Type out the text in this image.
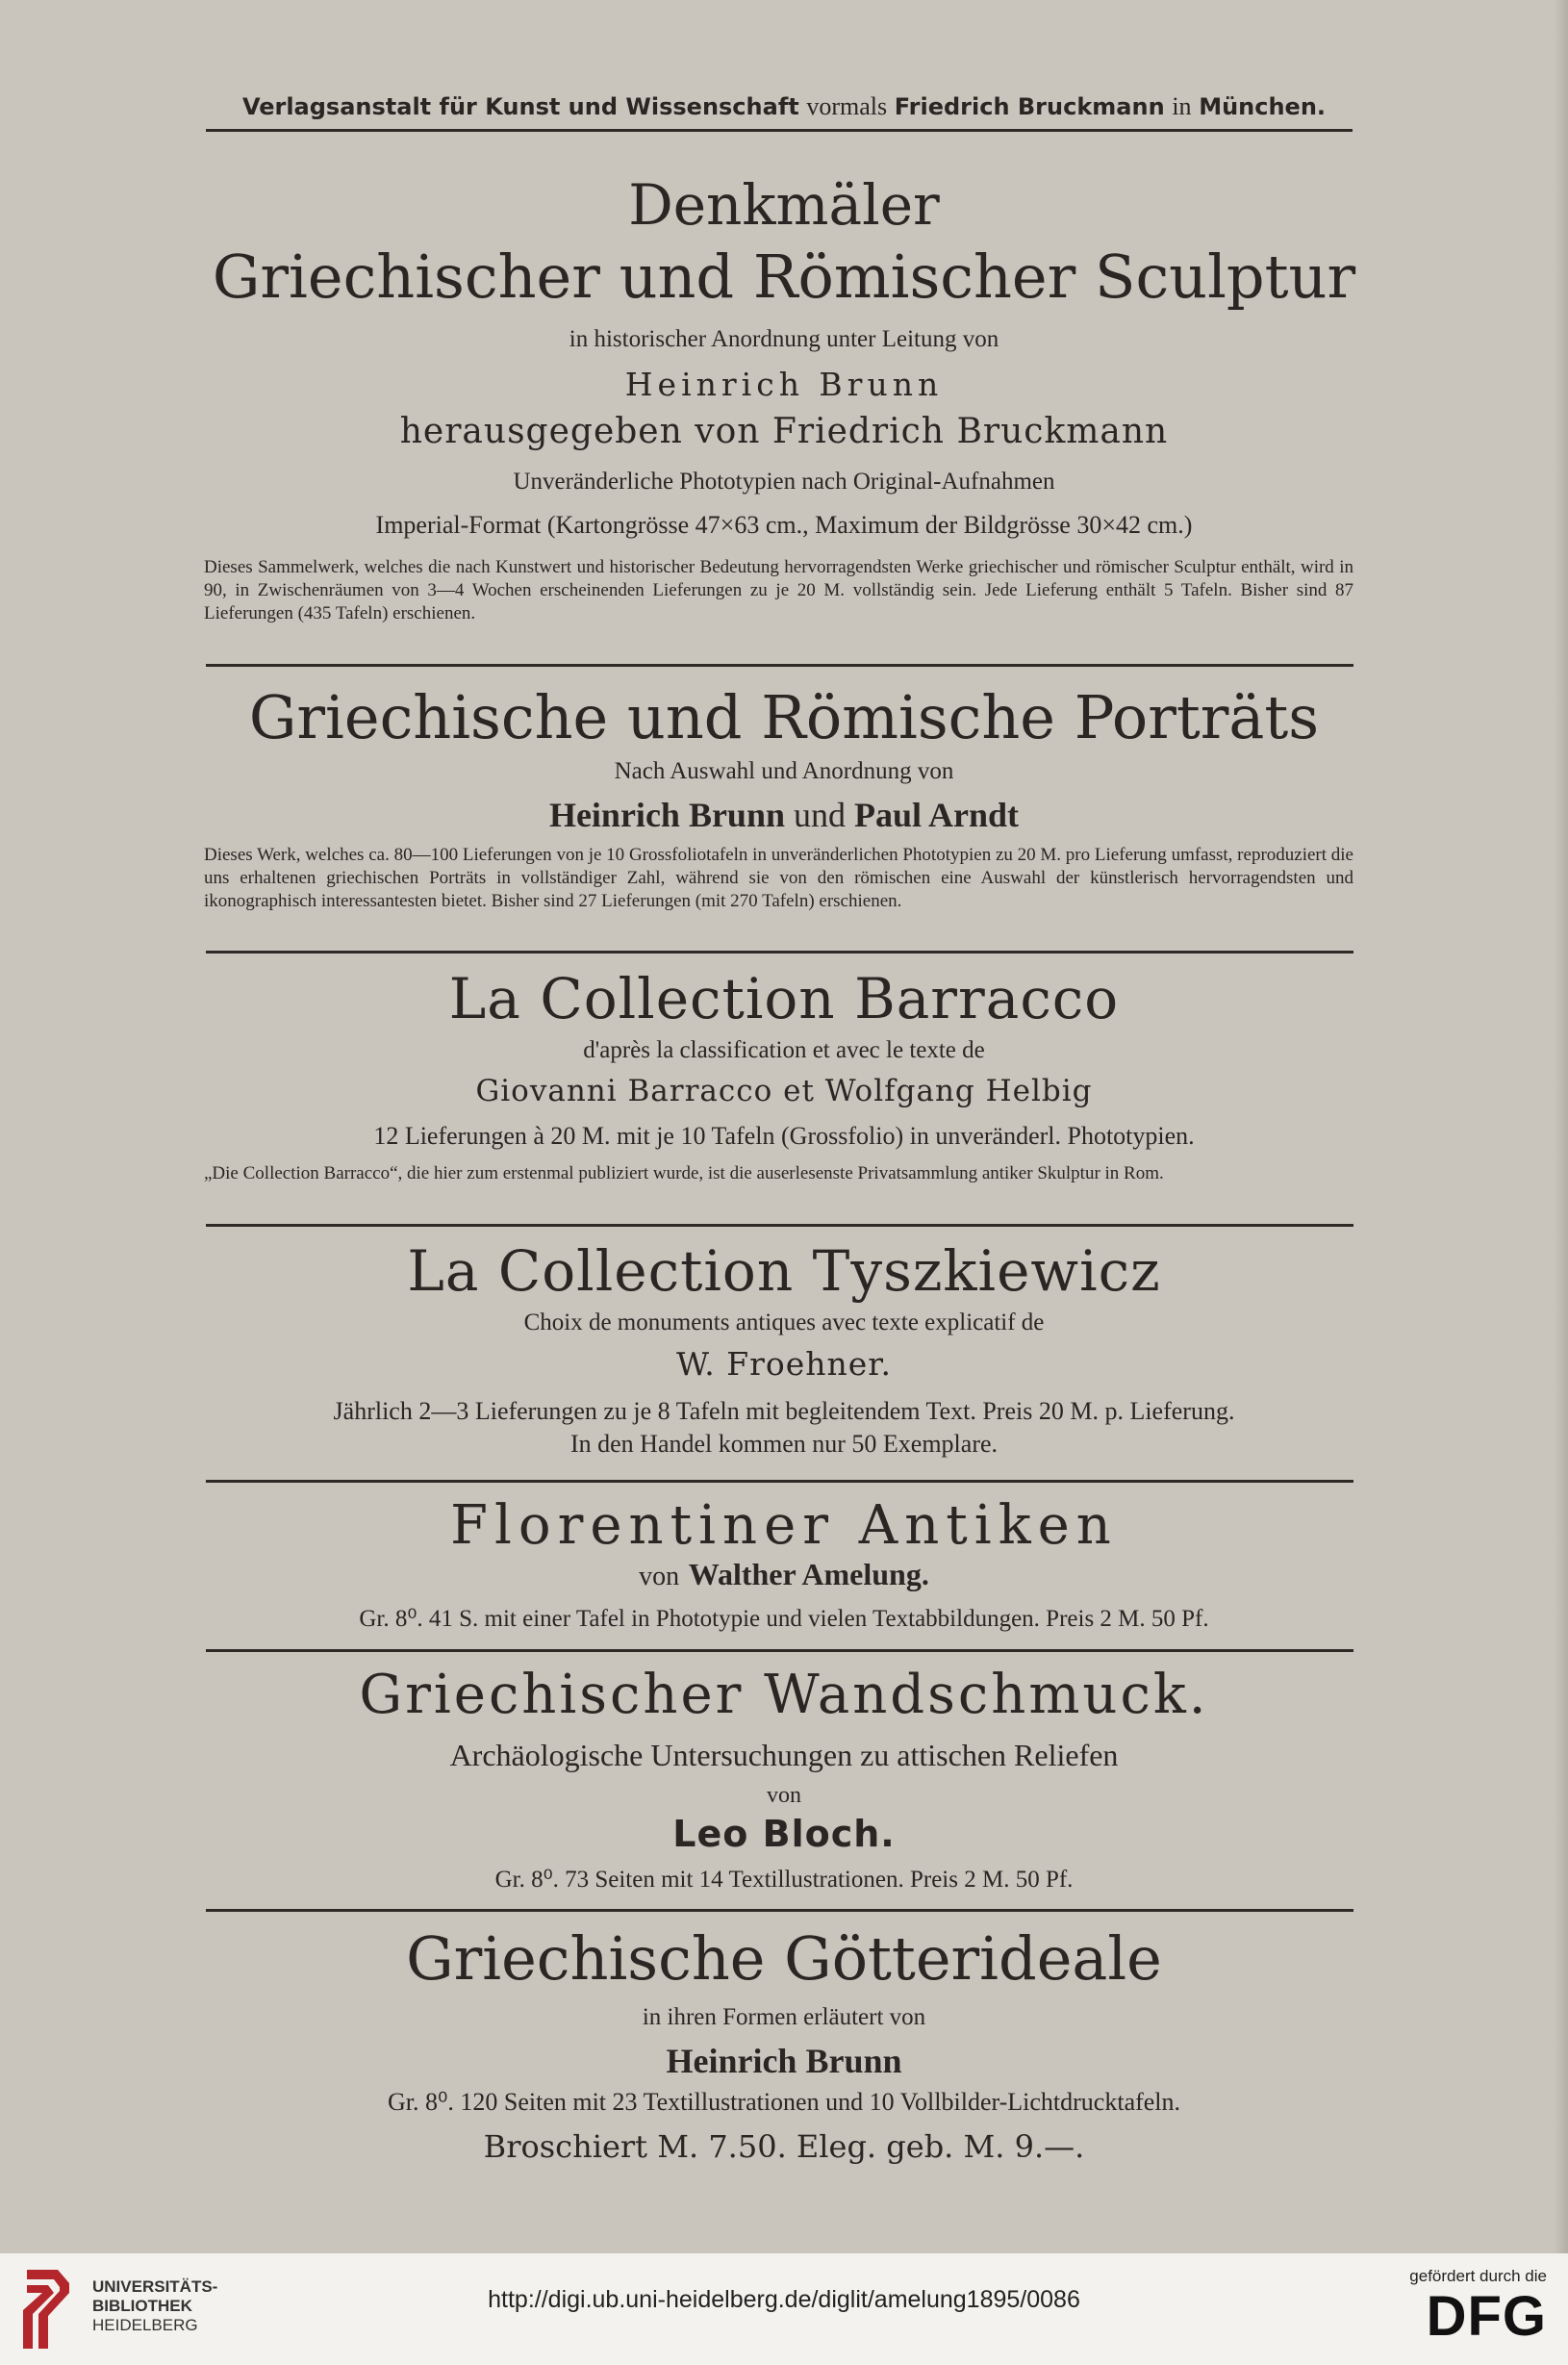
Verlagsanstalt für Kunst und Wissenschaft vormals Friedrich Bruckmann in München.
Denkmäler
Griechischer und Römischer Sculptur
in historischer Anordnung unter Leitung von
Heinrich Brunn
herausgegeben von Friedrich Bruckmann
Unveränderliche Phototypien nach Original-Aufnahmen
Imperial-Format (Kartongrösse 47×63 cm., Maximum der Bildgrösse 30×42 cm.)
Dieses Sammelwerk, welches die nach Kunstwert und historischer Bedeutung hervorragendsten Werke griechischer und römischer Sculptur enthält, wird in 90, in Zwischenräumen von 3—4 Wochen erscheinenden Lieferungen zu je 20 M. vollständig sein. Jede Lieferung enthält 5 Tafeln. Bisher sind 87 Lieferungen (435 Tafeln) erschienen.
Griechische und Römische Porträts
Nach Auswahl und Anordnung von
Heinrich Brunn und Paul Arndt
Dieses Werk, welches ca. 80—100 Lieferungen von je 10 Grossfoliotafeln in unveränderlichen Phototypien zu 20 M. pro Lieferung umfasst, reproduziert die uns erhaltenen griechischen Porträts in vollständiger Zahl, während sie von den römischen eine Auswahl der künstlerisch hervorragendsten und ikonographisch interessantesten bietet. Bisher sind 27 Lieferungen (mit 270 Tafeln) erschienen.
La Collection Barracco
d'après la classification et avec le texte de
Giovanni Barracco et Wolfgang Helbig
12 Lieferungen à 20 M. mit je 10 Tafeln (Grossfolio) in unveränderl. Phototypien.
„Die Collection Barracco“, die hier zum erstenmal publiziert wurde, ist die auserlesenste Privatsammlung antiker Skulptur in Rom.
La Collection Tyszkiewicz
Choix de monuments antiques avec texte explicatif de
W. Froehner.
Jährlich 2—3 Lieferungen zu je 8 Tafeln mit begleitendem Text. Preis 20 M. p. Lieferung.
In den Handel kommen nur 50 Exemplare.
Florentiner Antiken
von Walther Amelung.
Gr. 8⁰. 41 S. mit einer Tafel in Phototypie und vielen Textabbildungen. Preis 2 M. 50 Pf.
Griechischer Wandschmuck.
Archäologische Untersuchungen zu attischen Reliefen
von
Leo Bloch.
Gr. 8⁰. 73 Seiten mit 14 Textillustrationen. Preis 2 M. 50 Pf.
Griechische Götterideale
in ihren Formen erläutert von
Heinrich Brunn
Gr. 8⁰. 120 Seiten mit 23 Textillustrationen und 10 Vollbilder-Lichtdrucktafeln.
Broschiert M. 7.50. Eleg. geb. M. 9.—.
UNIVERSITÄTS-
BIBLIOTHEK
HEIDELBERG
http://digi.ub.uni-heidelberg.de/diglit/amelung1895/0086
gefördert durch die
DFG
